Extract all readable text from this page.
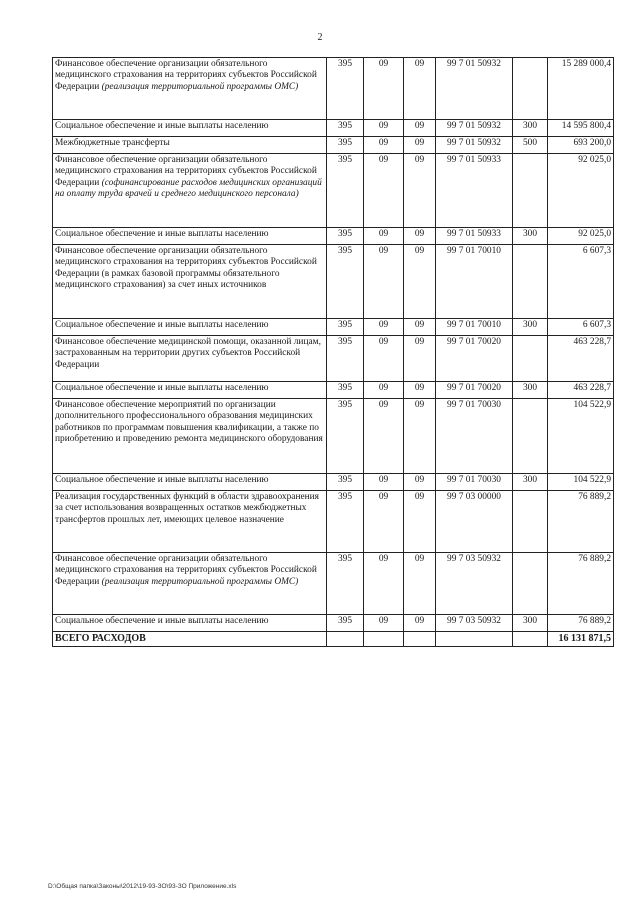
2
Финансовое обеспечение организации обязательного медицинского страхования на территориях субъектов Российской Федерации (реализация территориальной программы ОМС)	395	09	09	99 7 01 50932		15 289 000,4
Социальное обеспечение и иные выплаты населению	395	09	09	99 7 01 50932	300	14 595 800,4
Межбюджетные трансферты	395	09	09	99 7 01 50932	500	693 200,0
Финансовое обеспечение организации обязательного медицинского страхования на территориях субъектов Российской Федерации (софинансирование расходов медицинских организаций на оплату труда врачей и среднего медицинского персонала)	395	09	09	99 7 01 50933		92 025,0
Социальное обеспечение и иные выплаты населению	395	09	09	99 7 01 50933	300	92 025,0
Финансовое обеспечение организации обязательного медицинского страхования на территориях субъектов Российской Федерации (в рамках базовой программы обязательного медицинского страхования) за счет иных источников	395	09	09	99 7 01 70010		6 607,3
Социальное обеспечение и иные выплаты населению	395	09	09	99 7 01 70010	300	6 607,3
Финансовое обеспечение медицинской помощи, оказанной лицам, застрахованным на территории других субъектов Российской Федерации	395	09	09	99 7 01 70020		463 228,7
Социальное обеспечение и иные выплаты населению	395	09	09	99 7 01 70020	300	463 228,7
Финансовое обеспечение мероприятий по организации дополнительного профессионального образования медицинских работников по программам повышения квалификации, а также по приобретению и проведению ремонта медицинского оборудования	395	09	09	99 7 01 70030		104 522,9
Социальное обеспечение и иные выплаты населению	395	09	09	99 7 01 70030	300	104 522,9
Реализация государственных функций в области здравоохранения за счет использования возвращенных остатков межбюджетных трансфертов прошлых лет, имеющих целевое назначение	395	09	09	99 7 03 00000		76 889,2
Финансовое обеспечение организации обязательного медицинского страхования на территориях субъектов Российской Федерации (реализация территориальной программы ОМС)	395	09	09	99 7 03 50932		76 889,2
Социальное обеспечение и иные выплаты населению	395	09	09	99 7 03 50932	300	76 889,2
ВСЕГО РАСХОДОВ						16 131 871,5
D:\Общая папка\Законы\2012\19-93-ЗО\93-ЗО Приложение.xls
